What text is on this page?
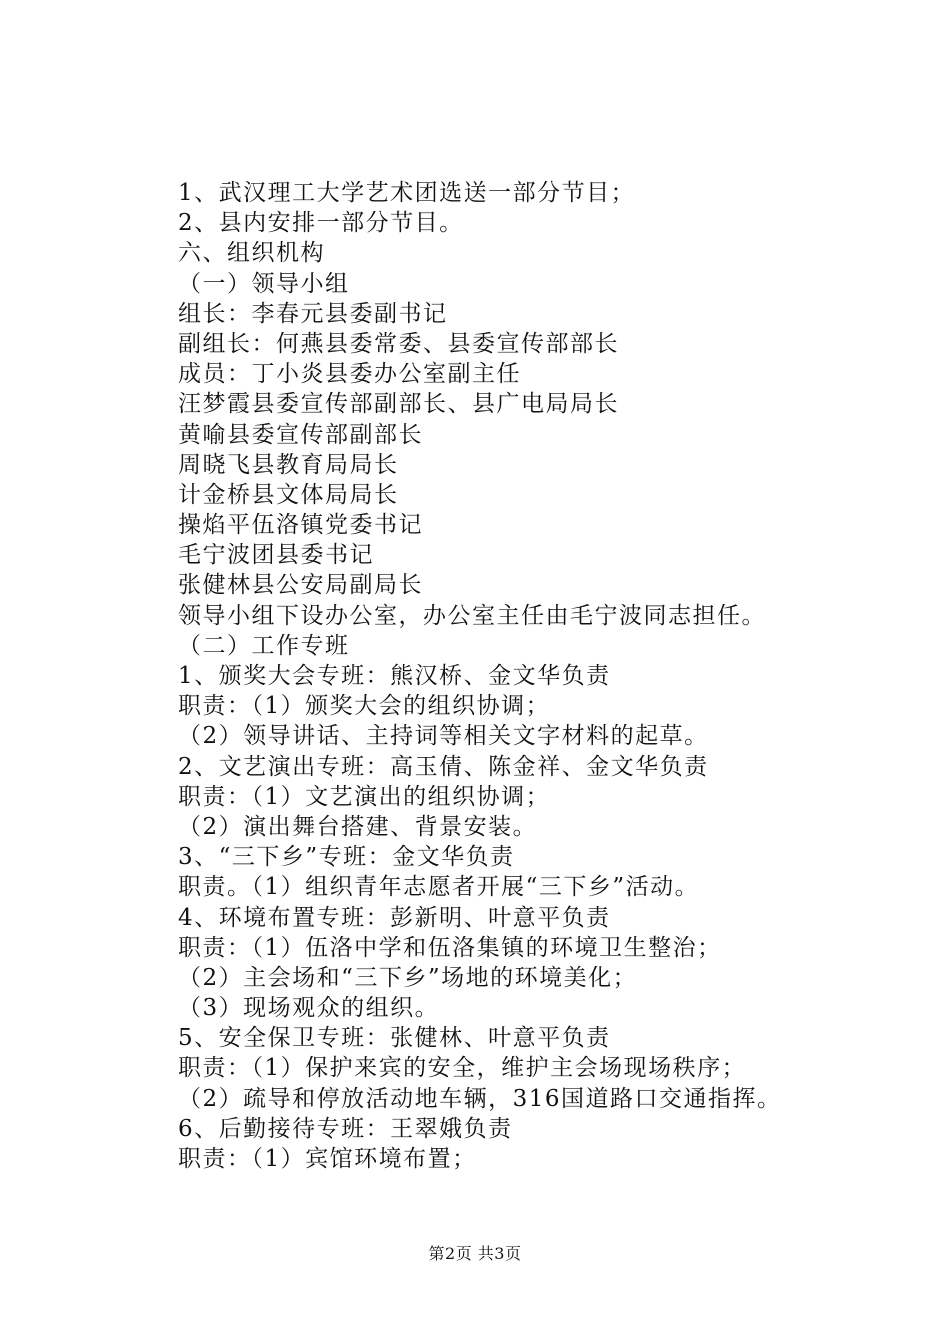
1、武汉理工大学艺术团选送一部分节目；
2、县内安排一部分节目。
六、组织机构
（一）领导小组
组长：李春元县委副书记
副组长：何燕县委常委、县委宣传部部长
成员：丁小炎县委办公室副主任
汪梦霞县委宣传部副部长、县广电局局长
黄喻县委宣传部副部长
周晓飞县教育局局长
计金桥县文体局局长
操焰平伍洛镇党委书记
毛宁波团县委书记
张健林县公安局副局长
领导小组下设办公室，办公室主任由毛宁波同志担任。
（二）工作专班
1、颁奖大会专班：熊汉桥、金文华负责
职责：（1）颁奖大会的组织协调；
（2）领导讲话、主持词等相关文字材料的起草。
2、文艺演出专班：高玉倩、陈金祥、金文华负责
职责：（1）文艺演出的组织协调；
（2）演出舞台搭建、背景安装。
3、“三下乡”专班：金文华负责
职责。（1）组织青年志愿者开展“三下乡”活动。
4、环境布置专班：彭新明、叶意平负责
职责：（1）伍洛中学和伍洛集镇的环境卫生整治；
（2）主会场和“三下乡”场地的环境美化；
（3）现场观众的组织。
5、安全保卫专班：张健林、叶意平负责
职责：（1）保护来宾的安全，维护主会场现场秩序；
（2）疏导和停放活动地车辆，316国道路口交通指挥。
6、后勤接待专班：王翠娥负责
职责：（1）宾馆环境布置；
第2页 共3页
